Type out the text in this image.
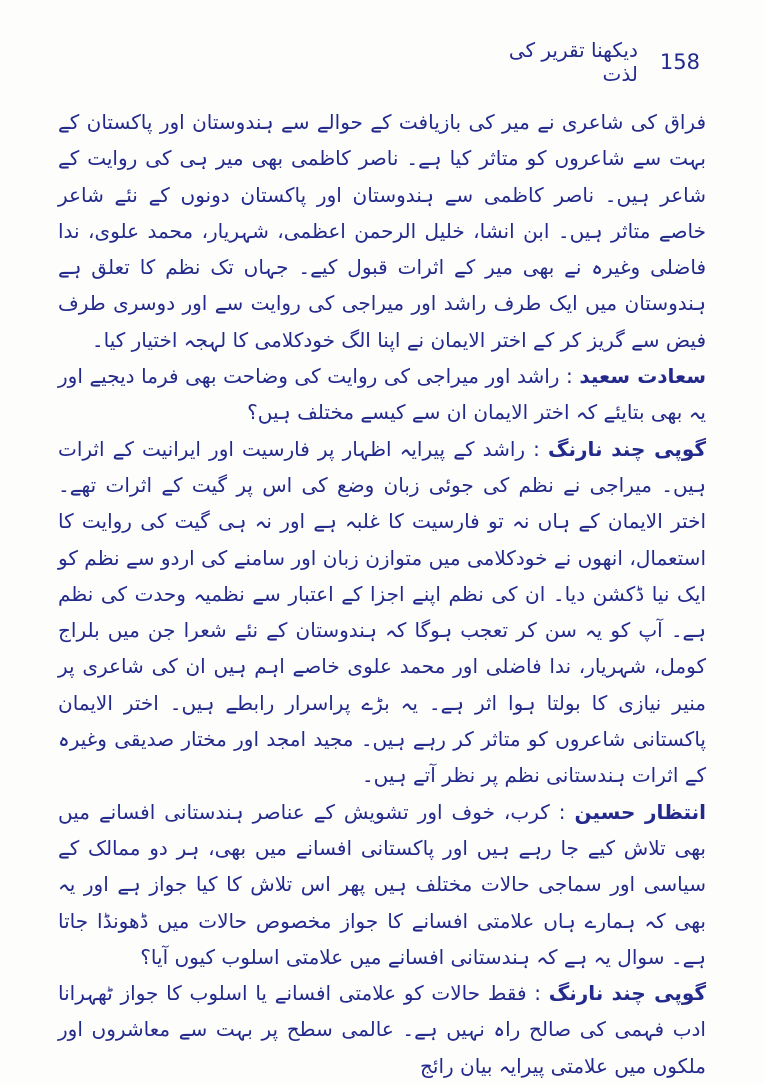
158
دیکھنا تقریر کی لذت

فراق کی شاعری نے میر کی بازیافت کے حوالے سے ہندوستان اور پاکستان کے بہت سے شاعروں کو متاثر کیا ہے۔ ناصر کاظمی بھی میر ہی کی روایت کے شاعر ہیں۔ ناصر کاظمی سے ہندوستان اور پاکستان دونوں کے نئے شاعر خاصے متاثر ہیں۔ ابن انشا، خلیل الرحمن اعظمی، شہریار، محمد علوی، ندا فاضلی وغیرہ نے بھی میر کے اثرات قبول کیے۔ جہاں تک نظم کا تعلق ہے ہندوستان میں ایک طرف راشد اور میراجی کی روایت سے اور دوسری طرف فیض سے گریز کر کے اختر الایمان نے اپنا الگ خودکلامی کا لہجہ اختیار کیا۔

سعادت سعید : راشد اور میراجی کی روایت کی وضاحت بھی فرما دیجیے اور یہ بھی بتایئے کہ اختر الایمان ان سے کیسے مختلف ہیں؟

گوپی چند نارنگ : راشد کے پیرایہ اظہار پر فارسیت اور ایرانیت کے اثرات ہیں۔ میراجی نے نظم کی جوئی زبان وضع کی اس پر گیت کے اثرات تھے۔ اختر الایمان کے ہاں نہ تو فارسیت کا غلبہ ہے اور نہ ہی گیت کی روایت کا استعمال، انھوں نے خودکلامی میں متوازن زبان اور سامنے کی اردو سے نظم کو ایک نیا ڈکشن دیا۔ ان کی نظم اپنے اجزا کے اعتبار سے نظمیہ وحدت کی نظم ہے۔ آپ کو یہ سن کر تعجب ہوگا کہ ہندوستان کے نئے شعرا جن میں بلراج کومل، شہریار، ندا فاضلی اور محمد علوی خاصے اہم ہیں ان کی شاعری پر منیر نیازی کا بولتا ہوا اثر ہے۔ یہ بڑے پراسرار رابطے ہیں۔ اختر الایمان پاکستانی شاعروں کو متاثر کر رہے ہیں۔ مجید امجد اور مختار صدیقی وغیرہ کے اثرات ہندستانی نظم پر نظر آتے ہیں۔

انتظار حسین : کرب، خوف اور تشویش کے عناصر ہندستانی افسانے میں بھی تلاش کیے جا رہے ہیں اور پاکستانی افسانے میں بھی، ہر دو ممالک کے سیاسی اور سماجی حالات مختلف ہیں پھر اس تلاش کا کیا جواز ہے اور یہ بھی کہ ہمارے ہاں علامتی افسانے کا جواز مخصوص حالات میں ڈھونڈا جاتا ہے۔ سوال یہ ہے کہ ہندستانی افسانے میں علامتی اسلوب کیوں آیا؟

گوپی چند نارنگ : فقط حالات کو علامتی افسانے یا اسلوب کا جواز ٹھہرانا ادب فہمی کی صالح راہ نہیں ہے۔ عالمی سطح پر بہت سے معاشروں اور ملکوں میں علامتی پیرایہ بیان رائج
